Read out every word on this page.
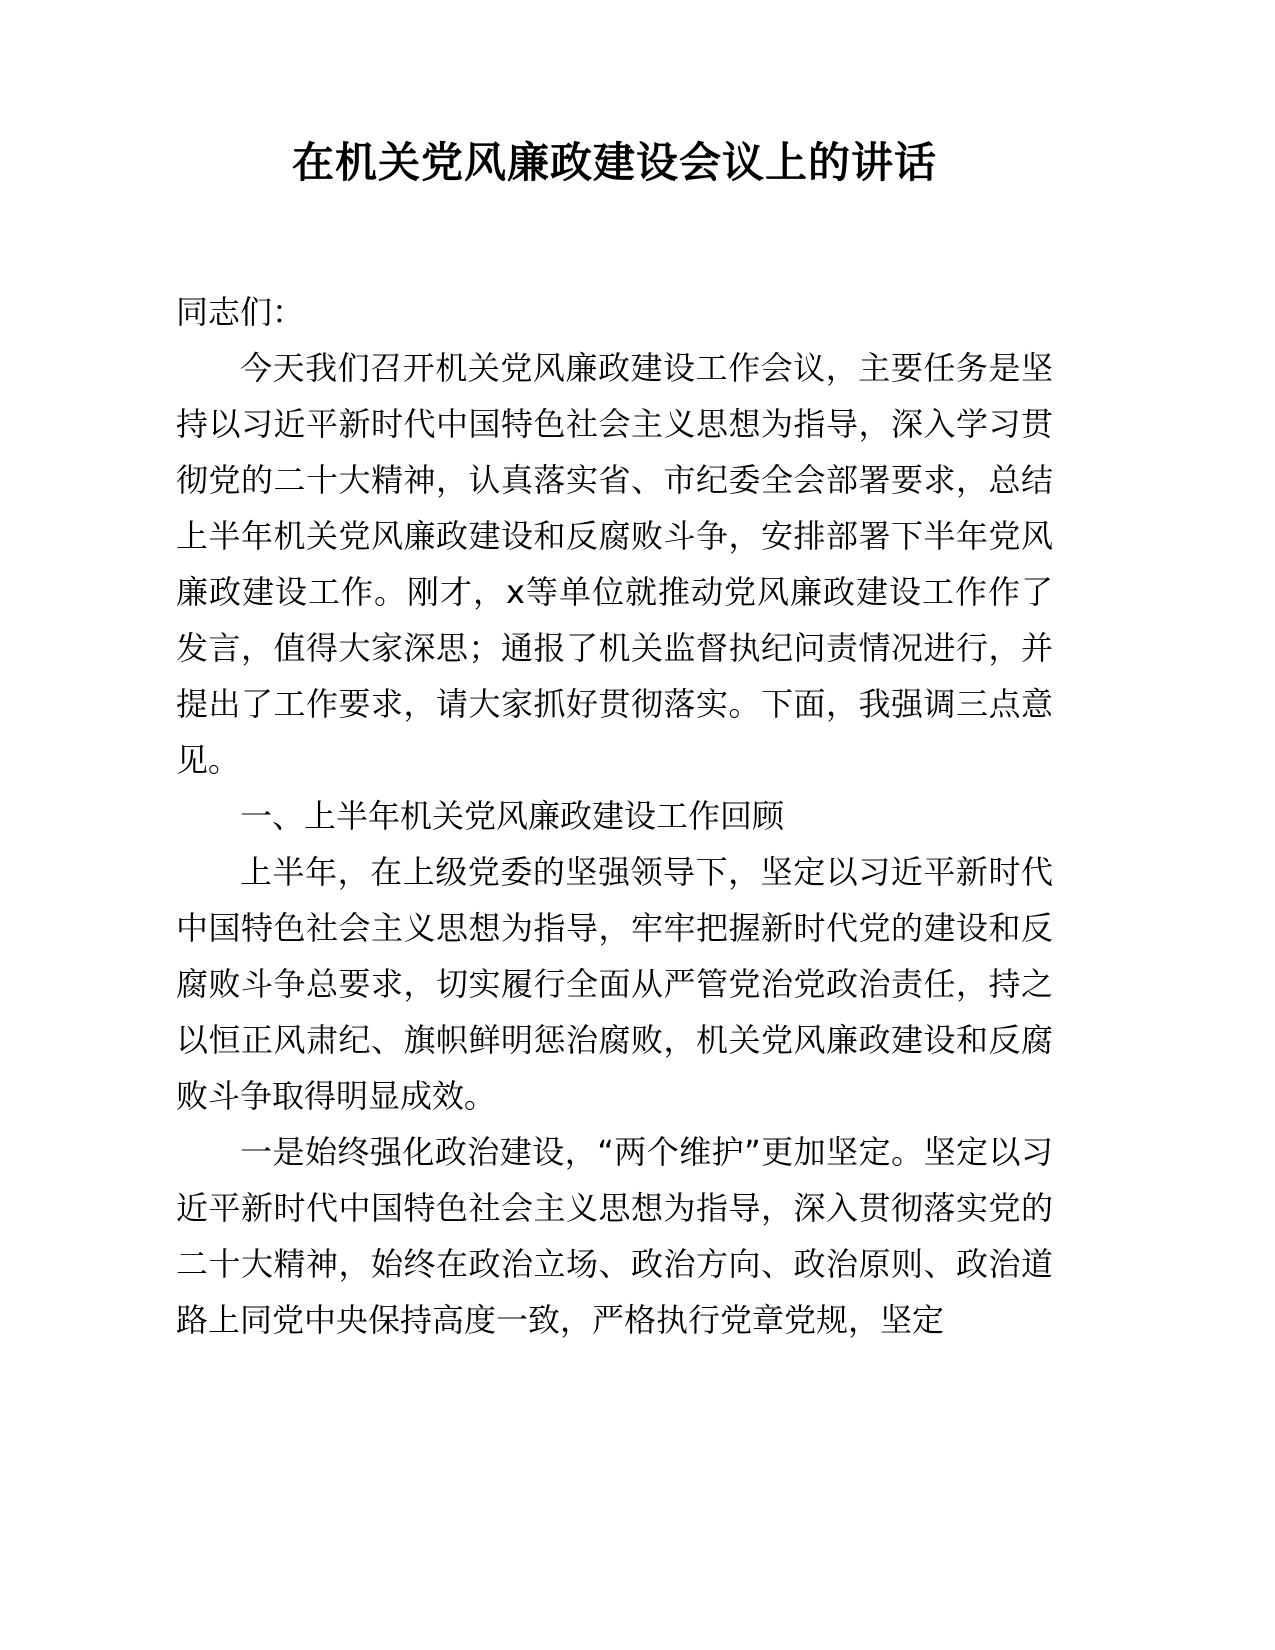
在机关党风廉政建设会议上的讲话

同志们：

今天我们召开机关党风廉政建设工作会议，主要任务是坚持以习近平新时代中国特色社会主义思想为指导，深入学习贯彻党的二十大精神，认真落实省、市纪委全会部署要求，总结上半年机关党风廉政建设和反腐败斗争，安排部署下半年党风廉政建设工作。刚才，x等单位就推动党风廉政建设工作作了发言，值得大家深思；通报了机关监督执纪问责情况进行，并提出了工作要求，请大家抓好贯彻落实。下面，我强调三点意见。

一、上半年机关党风廉政建设工作回顾

上半年，在上级党委的坚强领导下，坚定以习近平新时代中国特色社会主义思想为指导，牢牢把握新时代党的建设和反腐败斗争总要求，切实履行全面从严管党治党政治责任，持之以恒正风肃纪、旗帜鲜明惩治腐败，机关党风廉政建设和反腐败斗争取得明显成效。

一是始终强化政治建设，“两个维护”更加坚定。坚定以习近平新时代中国特色社会主义思想为指导，深入贯彻落实党的二十大精神，始终在政治立场、政治方向、政治原则、政治道路上同党中央保持高度一致，严格执行党章党规，坚定
